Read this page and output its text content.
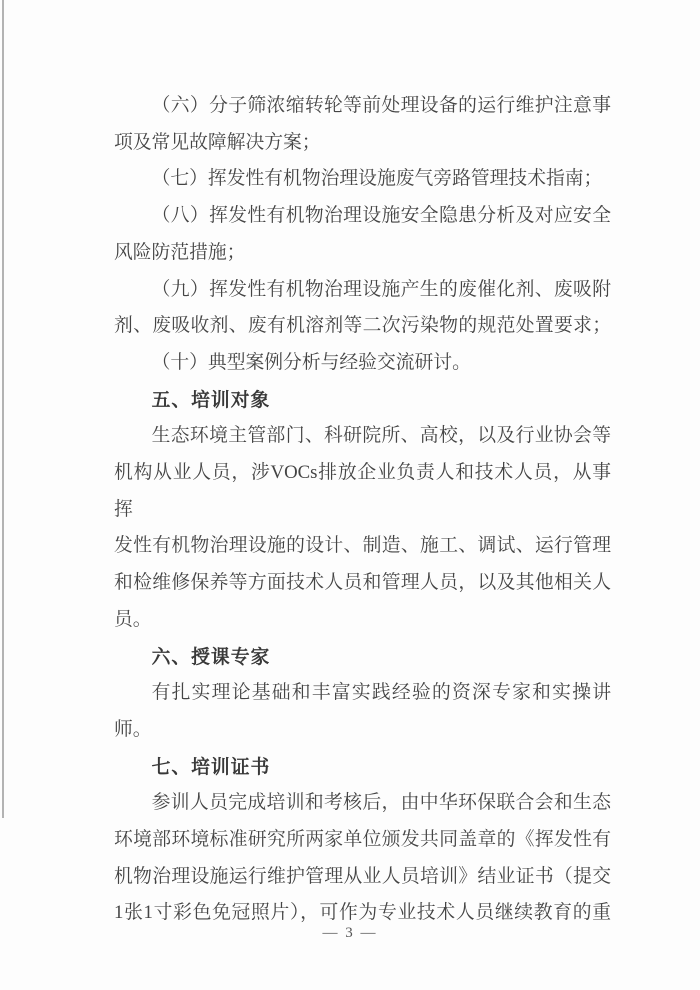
（六）分子筛浓缩转轮等前处理设备的运行维护注意事
项及常见故障解决方案；
（七）挥发性有机物治理设施废气旁路管理技术指南；
（八）挥发性有机物治理设施安全隐患分析及对应安全
风险防范措施；
（九）挥发性有机物治理设施产生的废催化剂、废吸附
剂、废吸收剂、废有机溶剂等二次污染物的规范处置要求；
（十）典型案例分析与经验交流研讨。
五、培训对象
生态环境主管部门、科研院所、高校，以及行业协会等
机构从业人员，涉VOCs排放企业负责人和技术人员，从事挥
发性有机物治理设施的设计、制造、施工、调试、运行管理
和检维修保养等方面技术人员和管理人员，以及其他相关人
员。
六、授课专家
有扎实理论基础和丰富实践经验的资深专家和实操讲
师。
七、培训证书
参训人员完成培训和考核后，由中华环保联合会和生态
环境部环境标准研究所两家单位颁发共同盖章的《挥发性有
机物治理设施运行维护管理从业人员培训》结业证书（提交
1张1寸彩色免冠照片），可作为专业技术人员继续教育的重
— 3 —
